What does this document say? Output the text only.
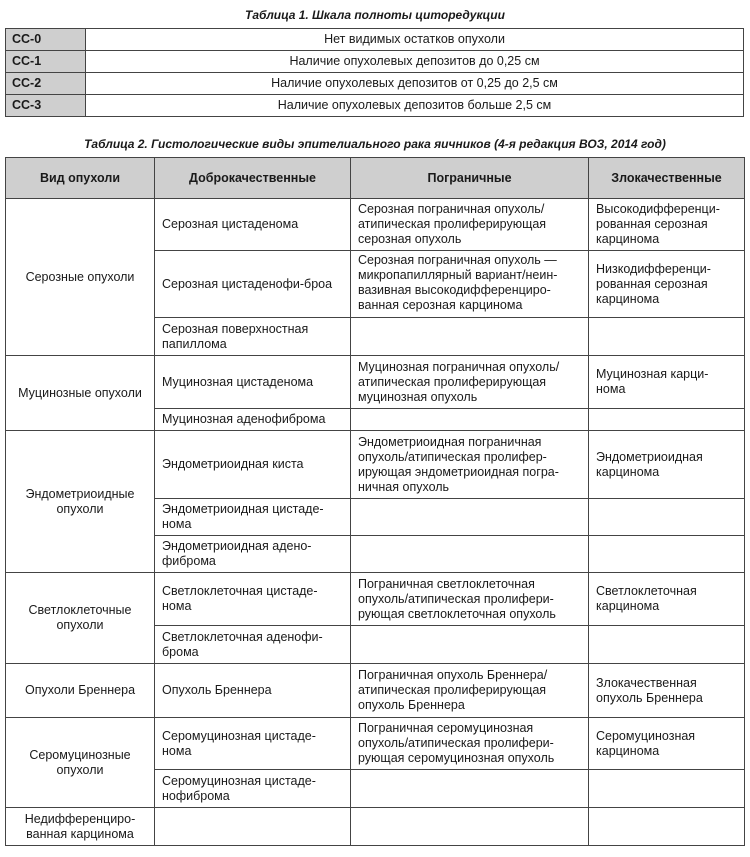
Таблица 1. Шкала полноты циторедукции
CC-0	Нет видимых остатков опухоли
CC-1	Наличие опухолевых депозитов до 0,25 см
CC-2	Наличие опухолевых депозитов от 0,25 до 2,5 см
CC-3	Наличие опухолевых депозитов больше 2,5 см
Таблица 2. Гистологические виды эпителиального рака яичников (4-я редакция ВОЗ, 2014 год)
Вид опухоли	Доброкачественные	Пограничные	Злокачественные
Серозные опухоли	Серозная цистаденома	Серозная пограничная опухоль/ атипическая пролиферирующая серозная опухоль	Высокодифференци-рованная серозная карцинома
	Серозная цистаденофи-броа	Серозная пограничная опухоль — микропапиллярный вариант/неин-вазивная высокодифференциро-ванная серозная карцинома	Низкодифференци-рованная серозная карцинома
	Серозная поверхностная папиллома		
Муцинозные опухоли	Муцинозная цистаденома	Муцинозная пограничная опухоль/ атипическая пролиферирующая муцинозная опухоль	Муцинозная карци-нома
	Муцинозная аденофиброма		
Эндометриоидные опухоли	Эндометриоидная киста	Эндометриоидная пограничная опухоль/атипическая пролифер-ирующая эндометриоидная погра-ничная опухоль	Эндометриоидная карцинома
	Эндометриоидная цистаде-нома		
	Эндометриоидная адено-фиброма		
Светлоклеточные опухоли	Светлоклеточная цистаде-нома	Пограничная светлоклеточная опухоль/атипическая пролифери-рующая светлоклеточная опухоль	Светлоклеточная карцинома
	Светлоклеточная аденофи-брома		
Опухоли Бреннера	Опухоль Бреннера	Пограничная опухоль Бреннера/ атипическая пролиферирующая опухоль Бреннера	Злокачественная опухоль Бреннера
Серомуцинозные опухоли	Серомуцинозная цистаде-нома	Пограничная серомуцинозная опухоль/атипическая пролифери-рующая серомуцинозная опухоль	Серомуцинозная карцинома
	Серомуцинозная цистаде-нофиброма		
Недифференциро-ванная карцинома			
